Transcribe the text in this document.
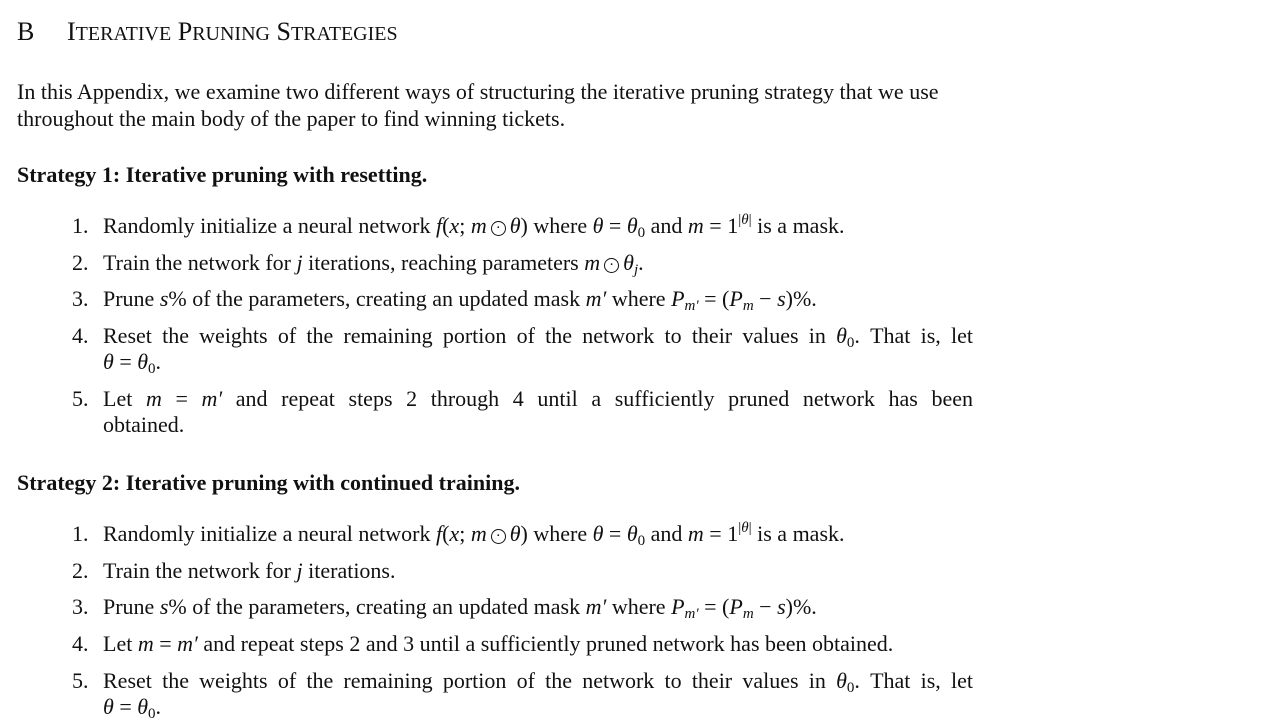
B ITERATIVE PRUNING STRATEGIES

In this Appendix, we examine two different ways of structuring the iterative pruning strategy that we use throughout the main body of the paper to find winning tickets.

Strategy 1: Iterative pruning with resetting.

1. Randomly initialize a neural network f(x; m · θ) where $\theta = \theta_0$ and $m = 1^{|\theta|}$ is a mask.
2. Train the network for j iterations, reaching parameters $m \cdot \theta_j$.
3. Prune s% of the parameters, creating an updated mask m′ where $P_{m'} = (P_m - s)\%$.
4. Reset the weights of the remaining portion of the network to their values in $\theta_0$. That is, let
$\theta = \theta_0$.
5. Let m = m′ and repeat steps 2 through 4 until a sufficiently pruned network has been
obtained.

Strategy 2: Iterative pruning with continued training.

1. Randomly initialize a neural network f(x; m · θ) where $\theta = \theta_0$ and $m = 1^{|\theta|}$ is a mask.
2. Train the network for j iterations.
3. Prune s% of the parameters, creating an updated mask m′ where $P_{m'} = (P_m - s)\%$.
4. Let m = m′ and repeat steps 2 and 3 until a sufficiently pruned network has been obtained.
5. Reset the weights of the remaining portion of the network to their values in $\theta_0$. That is, let
$\theta = \theta_0$.
